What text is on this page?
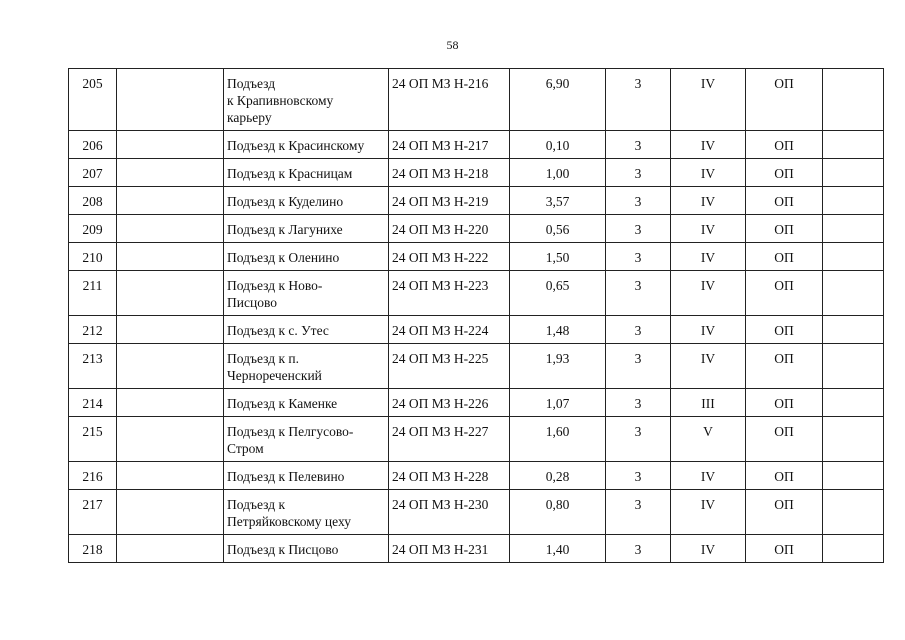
58
205		Подъезд
к Крапивновскому
карьеру	24 ОП МЗ Н-216	6,90	3	IV	ОП	
206		Подъезд к Красинскому	24 ОП МЗ Н-217	0,10	3	IV	ОП	
207		Подъезд к Красницам	24 ОП МЗ Н-218	1,00	3	IV	ОП	
208		Подъезд к Куделино	24 ОП МЗ Н-219	3,57	3	IV	ОП	
209		Подъезд к Лагунихе	24 ОП МЗ Н-220	0,56	3	IV	ОП	
210		Подъезд к Оленино	24 ОП МЗ Н-222	1,50	3	IV	ОП	
211		Подъезд к Ново-
Писцово	24 ОП МЗ Н-223	0,65	3	IV	ОП	
212		Подъезд к с. Утес	24 ОП МЗ Н-224	1,48	3	IV	ОП	
213		Подъезд к п.
Чернореченский	24 ОП МЗ Н-225	1,93	3	IV	ОП	
214		Подъезд к Каменке	24 ОП МЗ Н-226	1,07	3	III	ОП	
215		Подъезд к Пелгусово-
Стром	24 ОП МЗ Н-227	1,60	3	V	ОП	
216		Подъезд к Пелевино	24 ОП МЗ Н-228	0,28	3	IV	ОП	
217		Подъезд к
Петряйковскому цеху	24 ОП МЗ Н-230	0,80	3	IV	ОП	
218		Подъезд к Писцово	24 ОП МЗ Н-231	1,40	3	IV	ОП	
